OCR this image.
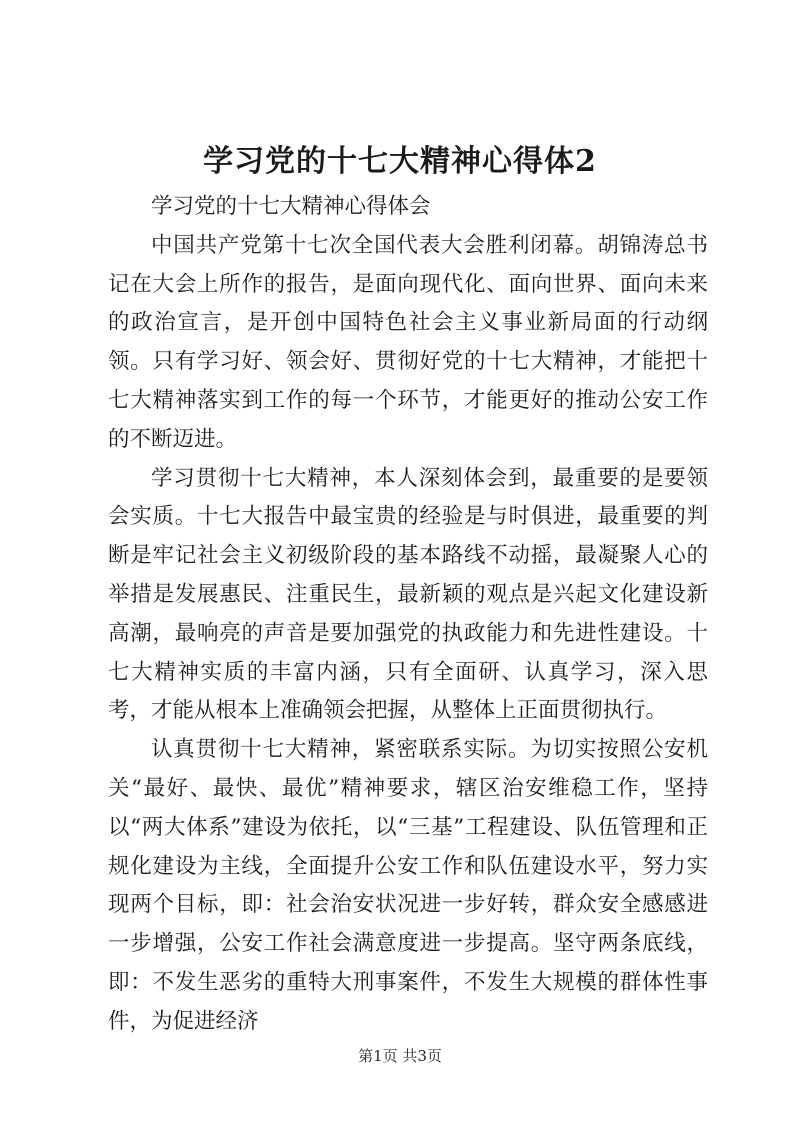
学习党的十七大精神心得体2

学习党的十七大精神心得体会

中国共产党第十七次全国代表大会胜利闭幕。胡锦涛总书记在大会上所作的报告，是面向现代化、面向世界、面向未来的政治宣言，是开创中国特色社会主义事业新局面的行动纲领。只有学习好、领会好、贯彻好党的十七大精神，才能把十七大精神落实到工作的每一个环节，才能更好的推动公安工作的不断迈进。

学习贯彻十七大精神，本人深刻体会到，最重要的是要领会实质。十七大报告中最宝贵的经验是与时俱进，最重要的判断是牢记社会主义初级阶段的基本路线不动摇，最凝聚人心的举措是发展惠民、注重民生，最新颖的观点是兴起文化建设新高潮，最响亮的声音是要加强党的执政能力和先进性建设。十七大精神实质的丰富内涵，只有全面研、认真学习，深入思考，才能从根本上准确领会把握，从整体上正面贯彻执行。

认真贯彻十七大精神，紧密联系实际。为切实按照公安机关“最好、最快、最优”精神要求，辖区治安维稳工作，坚持以“两大体系”建设为依托，以“三基”工程建设、队伍管理和正规化建设为主线，全面提升公安工作和队伍建设水平，努力实现两个目标，即：社会治安状况进一步好转，群众安全感感进一步增强，公安工作社会满意度进一步提高。坚守两条底线，即：不发生恶劣的重特大刑事案件，不发生大规模的群体性事件，为促进经济

第1页 共3页
